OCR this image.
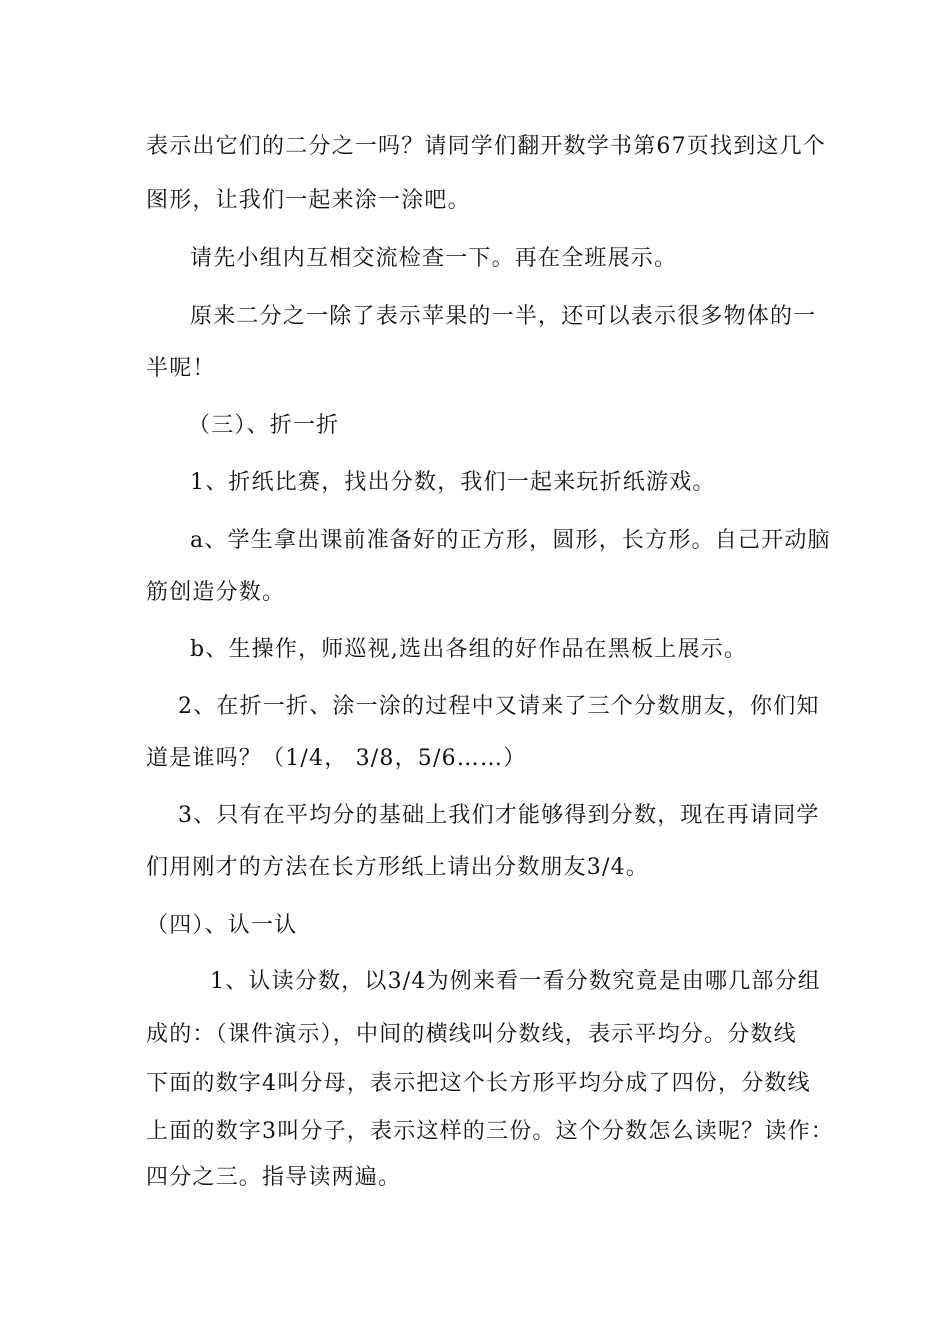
表示出它们的二分之一吗？请同学们翻开数学书第67页找到这几个
图形，让我们一起来涂一涂吧。
请先小组内互相交流检查一下。再在全班展示。
原来二分之一除了表示苹果的一半，还可以表示很多物体的一
半呢！
（三）、折一折
1、折纸比赛，找出分数，我们一起来玩折纸游戏。
a、学生拿出课前准备好的正方形，圆形，长方形。自己开动脑
筋创造分数。
b、生操作，师巡视,选出各组的好作品在黑板上展示。
2、在折一折、涂一涂的过程中又请来了三个分数朋友，你们知
道是谁吗？（1/4， 3/8，5/6……）
3、只有在平均分的基础上我们才能够得到分数，现在再请同学
们用刚才的方法在长方形纸上请出分数朋友3/4。
（四）、认一认
1、认读分数，以3/4为例来看一看分数究竟是由哪几部分组
成的：（课件演示），中间的横线叫分数线，表示平均分。分数线
下面的数字4叫分母，表示把这个长方形平均分成了四份，分数线
上面的数字3叫分子，表示这样的三份。这个分数怎么读呢？读作：
四分之三。指导读两遍。
